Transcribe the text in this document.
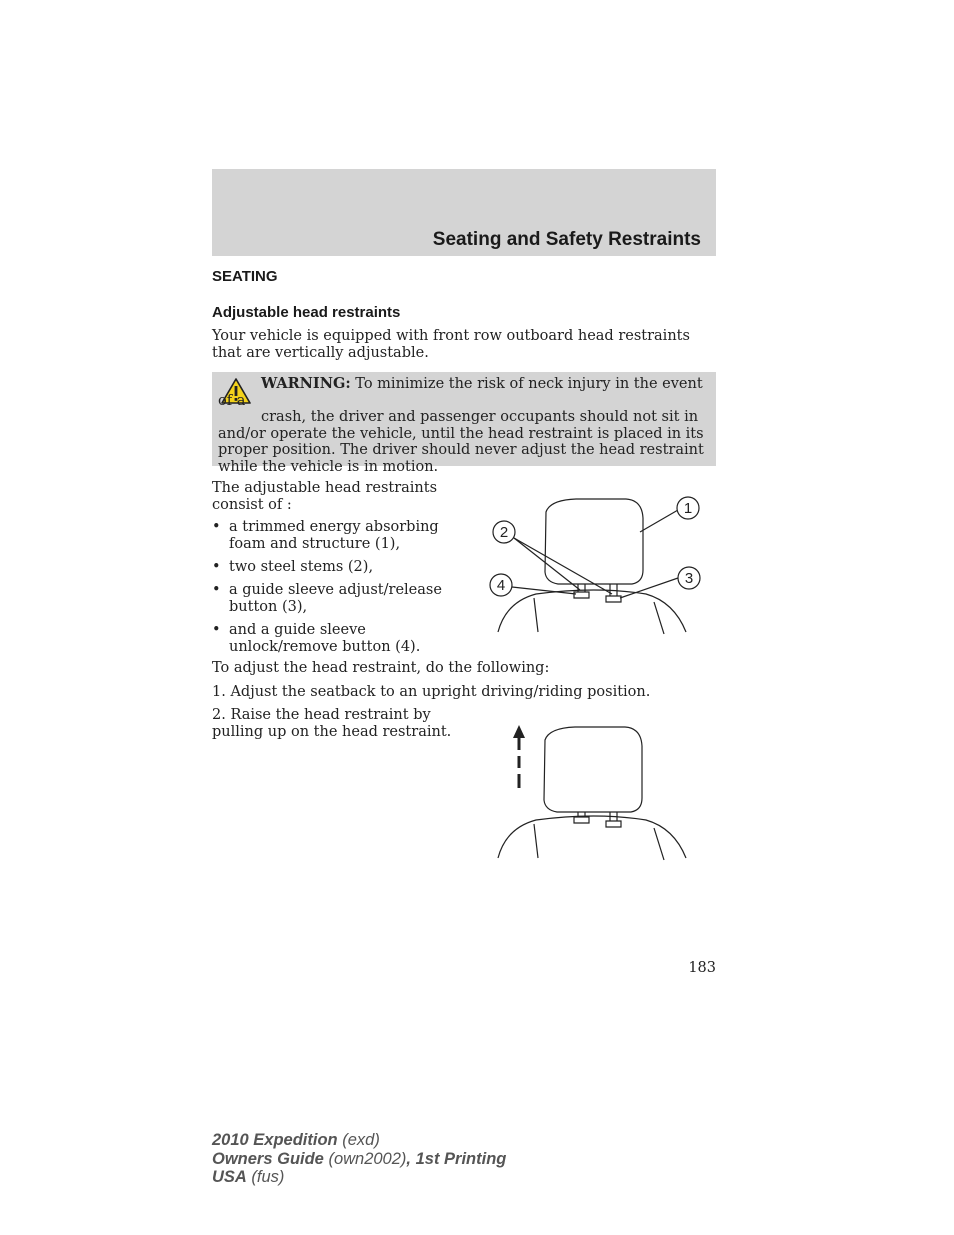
Seating and Safety Restraints
SEATING
Adjustable head restraints
Your vehicle is equipped with front row outboard head restraints that are vertically adjustable.
WARNING: To minimize the risk of neck injury in the event of a
crash, the driver and passenger occupants should not sit in
and/or operate the vehicle, until the head restraint is placed in its
proper position. The driver should never adjust the head restraint
while the vehicle is in motion.
The adjustable head restraints consist of :
• a trimmed energy absorbing foam and structure (1),
• two steel stems (2),
• a guide sleeve adjust/release button (3),
• and a guide sleeve unlock/remove button (4).
1
2
3
4
To adjust the head restraint, do the following:
1. Adjust the seatback to an upright driving/riding position.
2. Raise the head restraint by pulling up on the head restraint.
183
2010 Expedition (exd)
Owners Guide (own2002), 1st Printing
USA (fus)
